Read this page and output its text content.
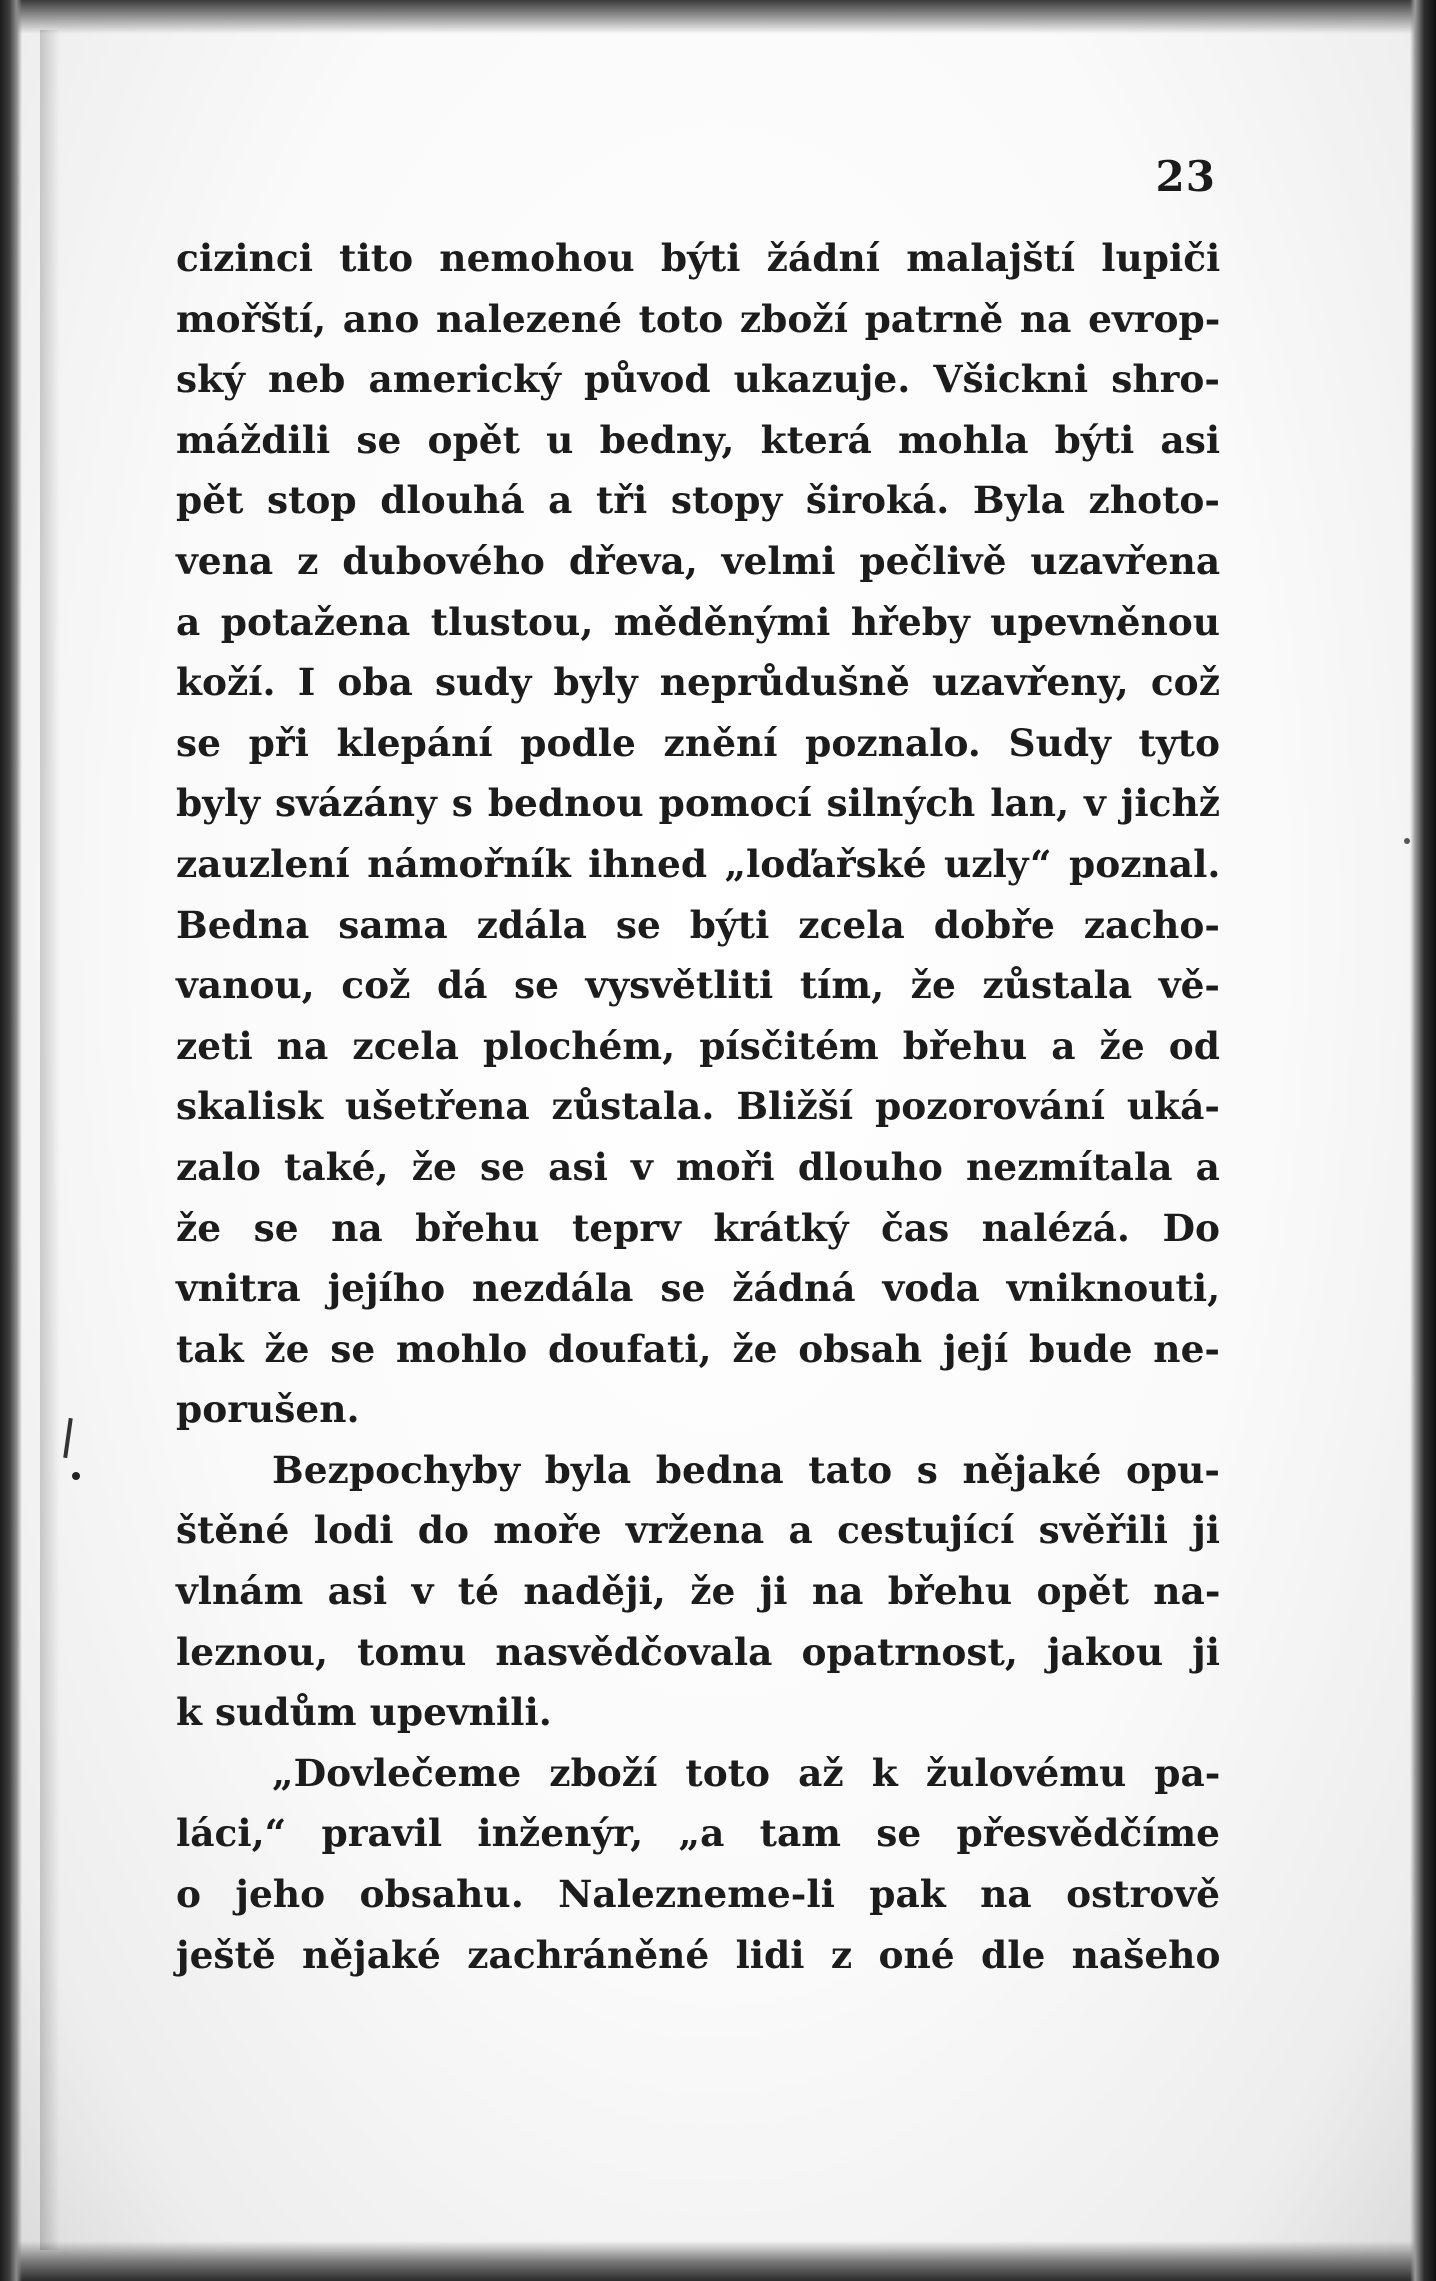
23
cizinci tito nemohou býti žádní malajští lupiči
mořští, ano nalezené toto zboží patrně na evrop-
ský neb americký původ ukazuje. Všickni shro-
máždili se opět u bedny, která mohla býti asi
pět stop dlouhá a tři stopy široká. Byla zhoto-
vena z dubového dřeva, velmi pečlivě uzavřena
a potažena tlustou, měděnými hřeby upevněnou
koží. I oba sudy byly neprůdušně uzavřeny, což
se při klepání podle znění poznalo. Sudy tyto
byly svázány s bednou pomocí silných lan, v jichž
zauzlení námořník ihned „loďařské uzly“ poznal.
Bedna sama zdála se býti zcela dobře zacho-
vanou, což dá se vysvětliti tím, že zůstala vě-
zeti na zcela plochém, písčitém břehu a že od
skalisk ušetřena zůstala. Bližší pozorování uká-
zalo také, že se asi v moři dlouho nezmítala a
že se na břehu teprv krátký čas nalézá. Do
vnitra jejího nezdála se žádná voda vniknouti,
tak že se mohlo doufati, že obsah její bude ne-
porušen.
Bezpochyby byla bedna tato s nějaké opu-
štěné lodi do moře vržena a cestující svěřili ji
vlnám asi v té naději, že ji na břehu opět na-
leznou, tomu nasvědčovala opatrnost, jakou ji
k sudům upevnili.
„Dovlečeme zboží toto až k žulovému pa-
láci,“ pravil inženýr, „a tam se přesvědčíme
o jeho obsahu. Nalezneme-li pak na ostrově
ještě nějaké zachráněné lidi z oné dle našeho
